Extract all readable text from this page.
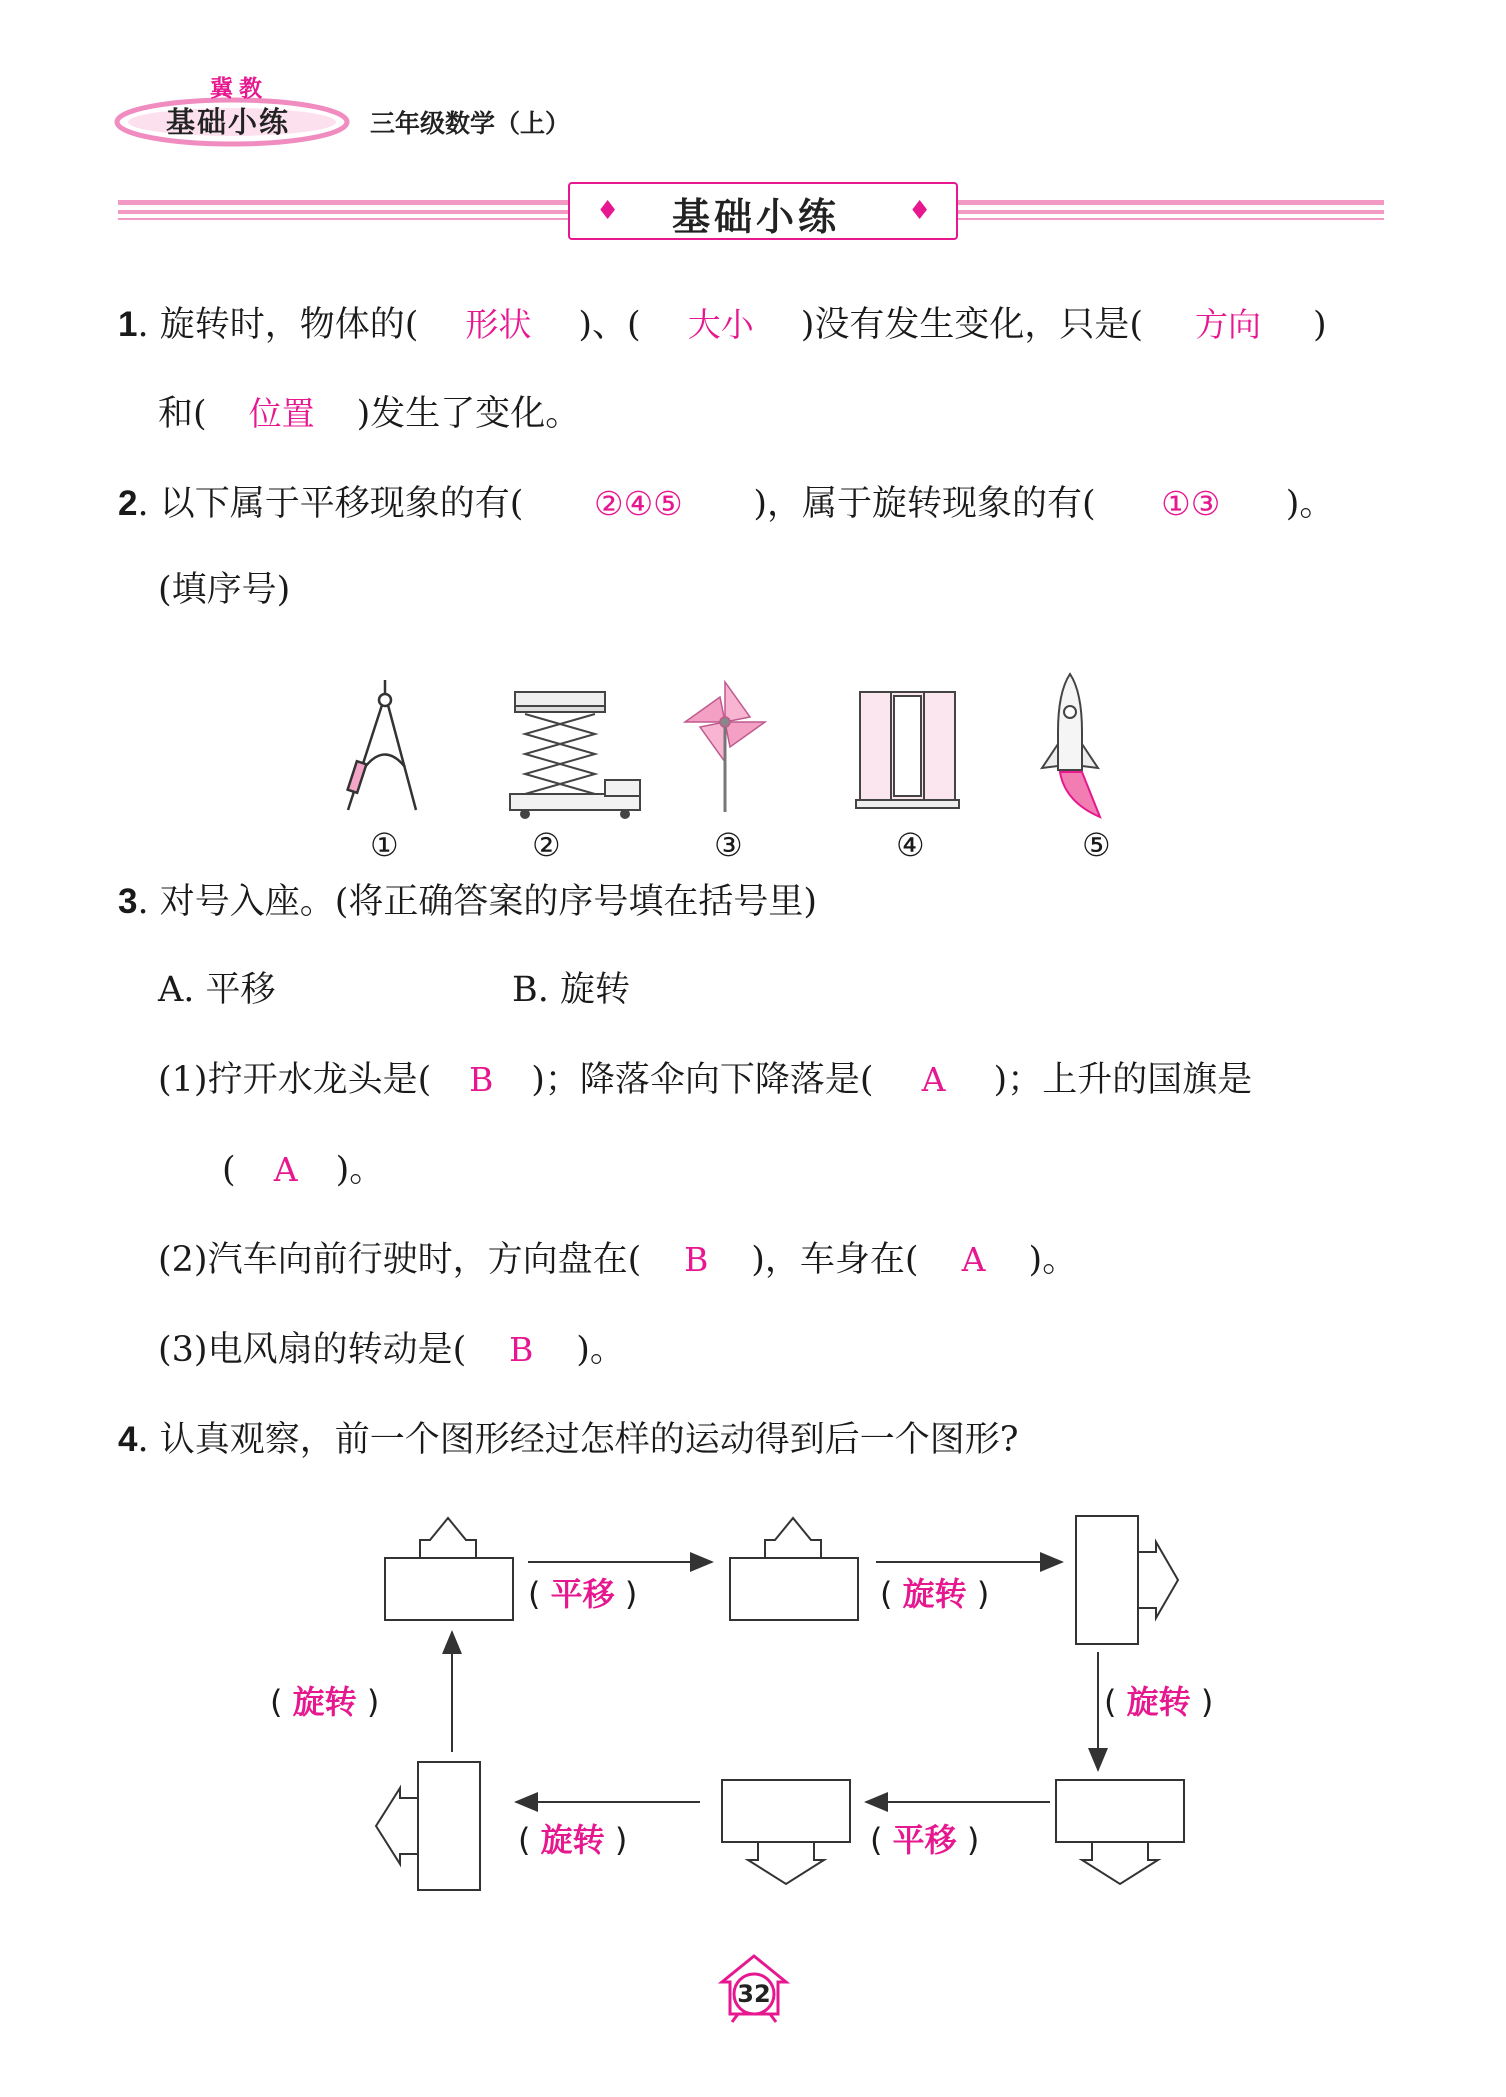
冀教
基础小练	三年级数学（上）
♦	♦
基础小练
1. 旋转时，物体的( 形状 )、( 大小 )没有发生变化，只是( 方向 )
和( 位置 )发生了变化。
2. 以下属于平移现象的有( ②④⑤ )，属于旋转现象的有( ①③ )。
(填序号)
①	②	③	④	⑤
3. 对号入座。(将正确答案的序号填在括号里)
A. 平移	B. 旋转
(1)拧开水龙头是( B )；降落伞向下降落是( A )；上升的国旗是
( A )。
(2)汽车向前行驶时，方向盘在( B )，车身在( A )。
(3)电风扇的转动是( B )。
4. 认真观察，前一个图形经过怎样的运动得到后一个图形?
( 平移 )	( 旋转 )
( 旋转 )
( 平移 )
( 旋转 )
( 旋转 )
32
